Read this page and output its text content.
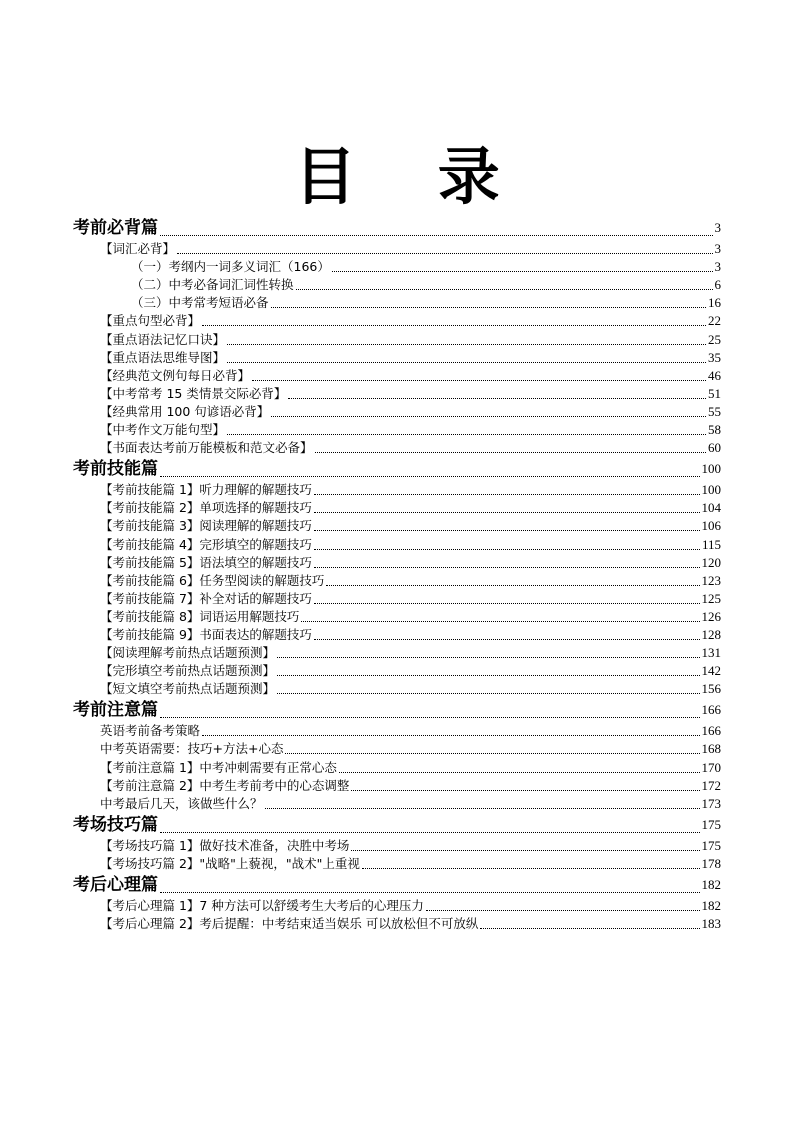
目 录
考前必背篇	3
【词汇必背】	3
（一）考纲内一词多义词汇（166）	3
（二）中考必备词汇词性转换	6
（三）中考常考短语必备	16
【重点句型必背】	22
【重点语法记忆口诀】	25
【重点语法思维导图】	35
【经典范文例句每日必背】	46
【中考常考 15 类情景交际必背】	51
【经典常用 100 句谚语必背】	55
【中考作文万能句型】	58
【书面表达考前万能模板和范文必备】	60
考前技能篇	100
【考前技能篇 1】听力理解的解题技巧	100
【考前技能篇 2】单项选择的解题技巧	104
【考前技能篇 3】阅读理解的解题技巧	106
【考前技能篇 4】完形填空的解题技巧	115
【考前技能篇 5】语法填空的解题技巧	120
【考前技能篇 6】任务型阅读的解题技巧	123
【考前技能篇 7】补全对话的解题技巧	125
【考前技能篇 8】词语运用解题技巧	126
【考前技能篇 9】书面表达的解题技巧	128
【阅读理解考前热点话题预测】	131
【完形填空考前热点话题预测】	142
【短文填空考前热点话题预测】	156
考前注意篇	166
英语考前备考策略	166
中考英语需要：技巧+方法+心态	168
【考前注意篇 1】中考冲刺需要有正常心态	170
【考前注意篇 2】中考生考前考中的心态调整	172
中考最后几天，该做些什么？	173
考场技巧篇	175
【考场技巧篇 1】做好技术准备，决胜中考场	175
【考场技巧篇 2】"战略"上藐视，"战术"上重视	178
考后心理篇	182
【考后心理篇 1】7 种方法可以舒缓考生大考后的心理压力	182
【考后心理篇 2】考后提醒：中考结束适当娱乐 可以放松但不可放纵	183
